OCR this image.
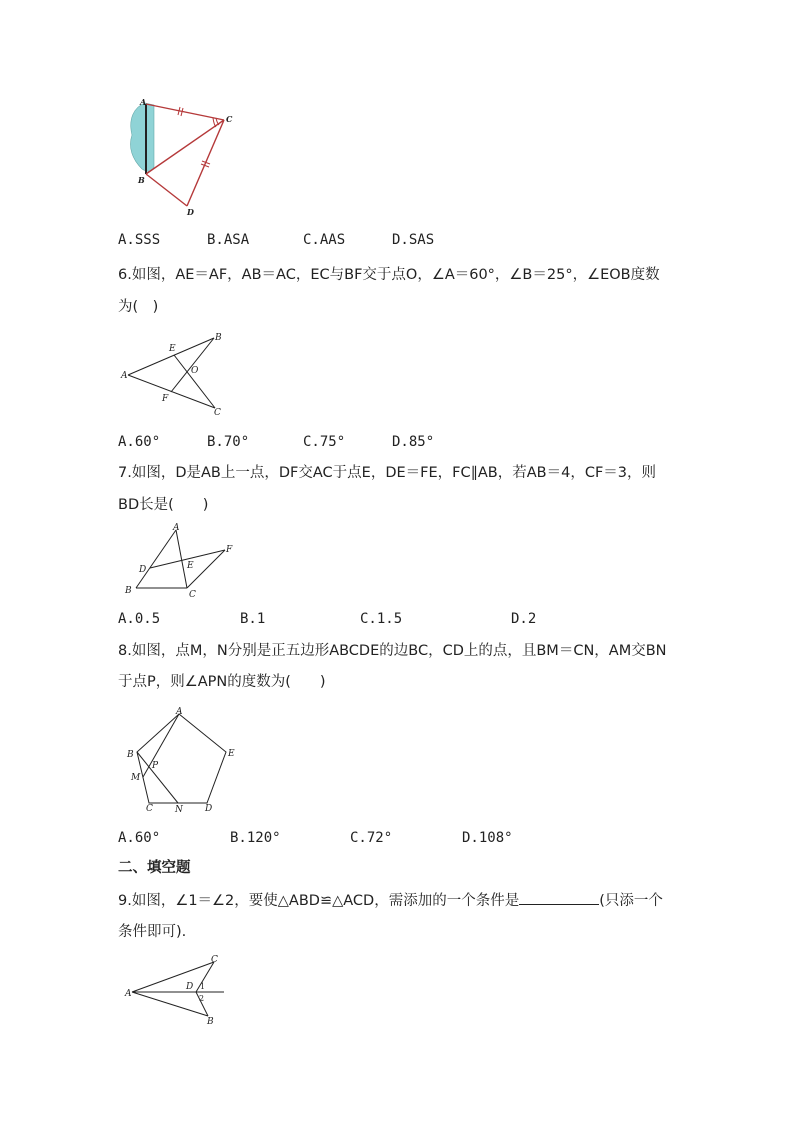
A
B
C
D
A.SSS	B.ASA	C.AAS	D.SAS
6.如图，AE＝AF，AB＝AC，EC与BF交于点O，∠A＝60°，∠B＝25°，∠EOB度数
为(　)
A
B
C
E
F
O
A.60°	B.70°	C.75°	D.85°
7.如图，D是AB上一点，DF交AC于点E，DE＝FE，FC∥AB，若AB＝4，CF＝3，则
BD长是(　　)
A
B	C
D	E
F
A.0.5	B.1	C.1.5	D.2
8.如图，点M，N分别是正五边形ABCDE的边BC，CD上的点，且BM＝CN，AM交BN
于点P，则∠APN的度数为(　　)
A
B
C	D
E
M
N
P
A.60°	B.120°	C.72°	D.108°
二、填空题
9.如图，∠1＝∠2，要使△ABD≌△ACD，需添加的一个条件是	(只添一个
条件即可).
A
C
B
D 1
2
